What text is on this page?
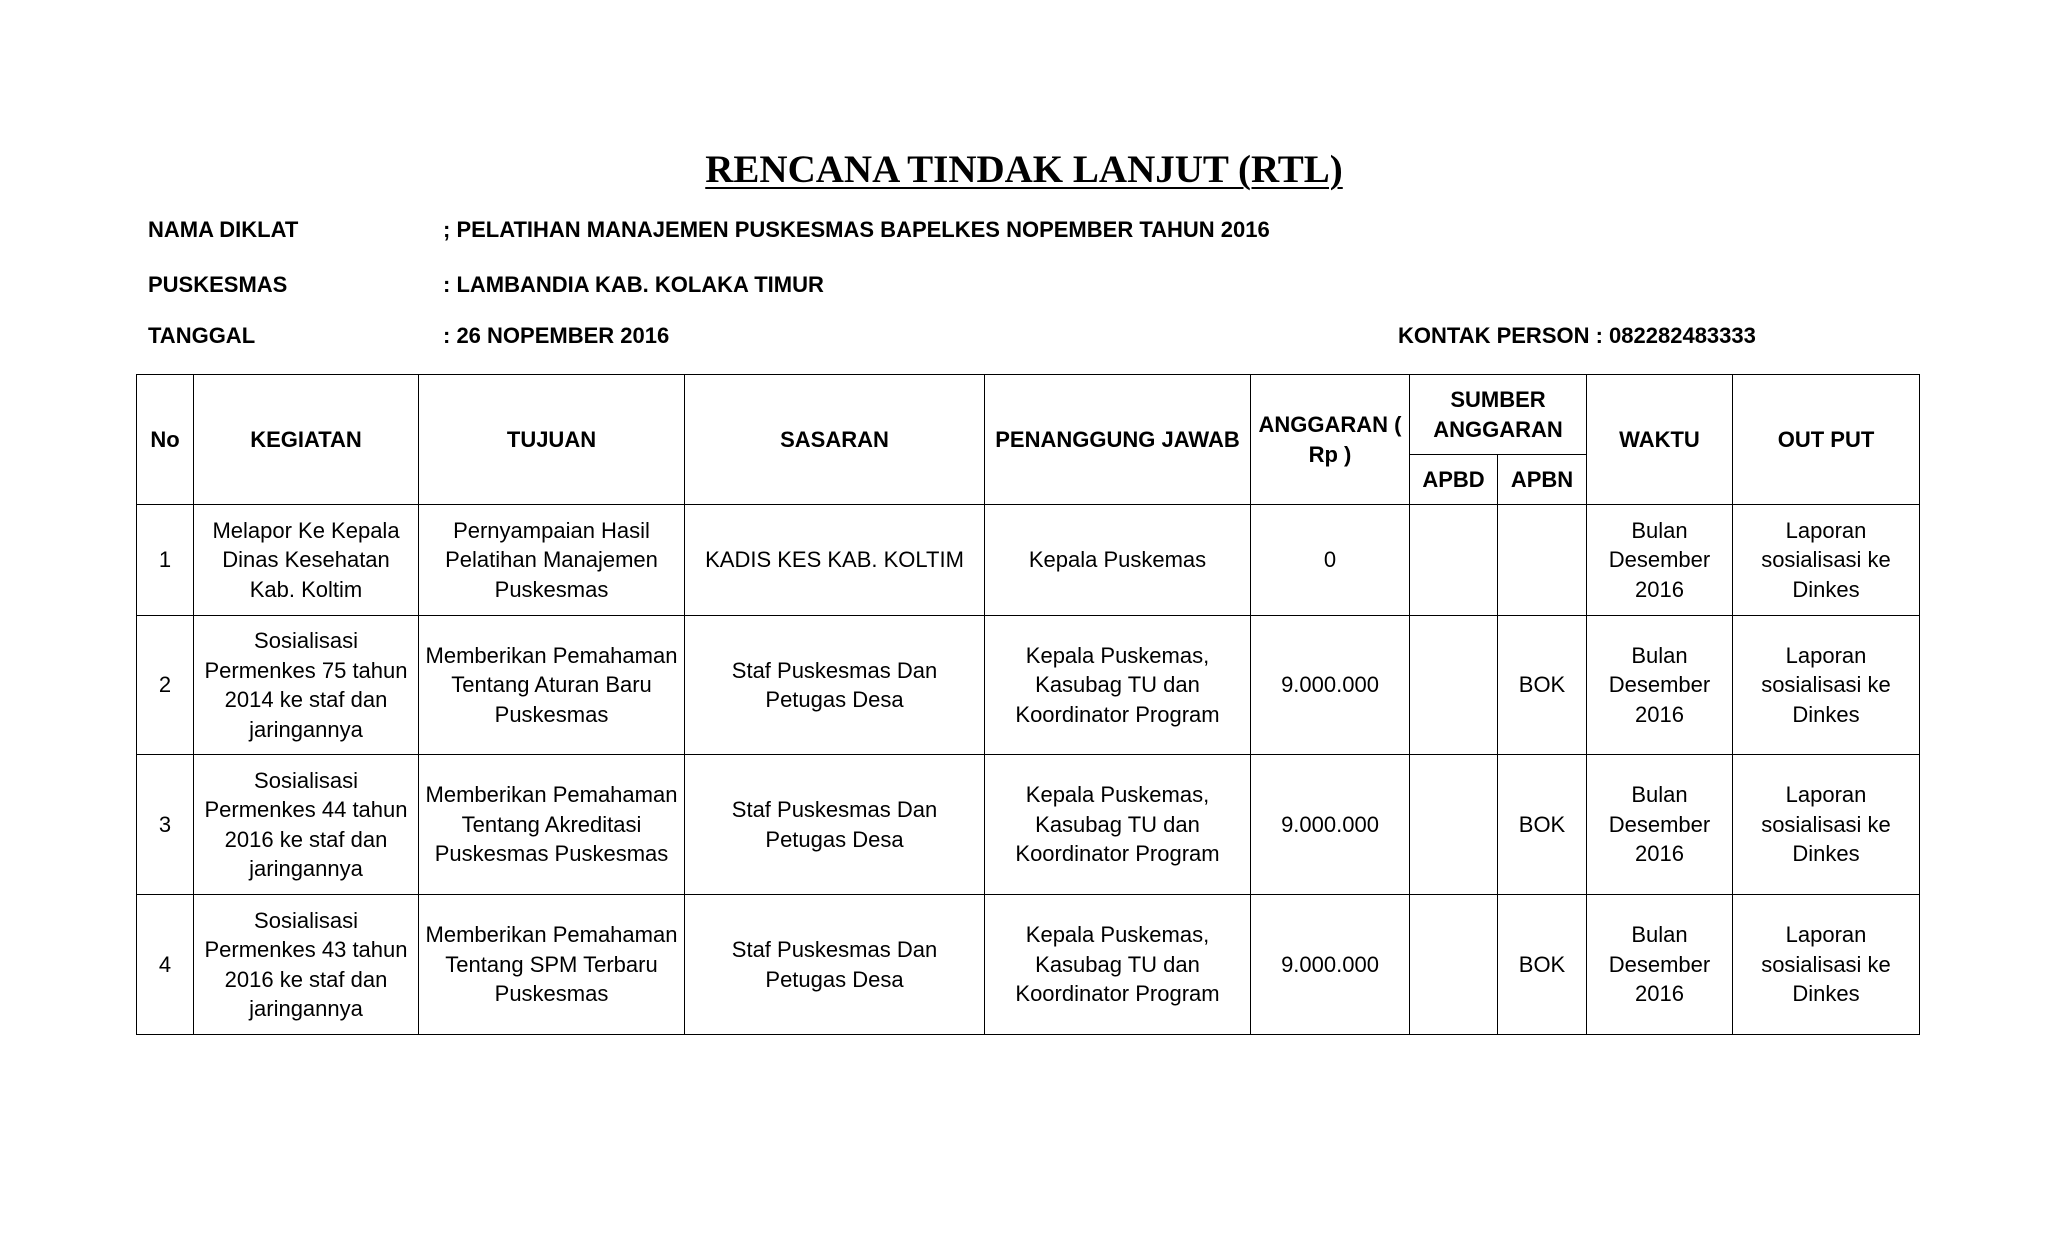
RENCANA TINDAK LANJUT (RTL)
NAMA DIKLAT	; PELATIHAN MANAJEMEN PUSKESMAS BAPELKES NOPEMBER TAHUN 2016
PUSKESMAS	: LAMBANDIA KAB. KOLAKA TIMUR
TANGGAL	: 26 NOPEMBER 2016	KONTAK PERSON : 082282483333
No	KEGIATAN	TUJUAN	SASARAN	PENANGGUNG JAWAB	ANGGARAN ( Rp )	SUMBER ANGGARAN		WAKTU	OUT PUT
						APBD	APBN		
1	Melapor Ke Kepala Dinas Kesehatan Kab. Koltim	Pernyampaian Hasil Pelatihan Manajemen Puskesmas	KADIS KES KAB. KOLTIM	Kepala Puskemas	0			Bulan Desember 2016	Laporan sosialisasi ke Dinkes
2	Sosialisasi Permenkes 75 tahun 2014 ke staf dan jaringannya	Memberikan Pemahaman Tentang Aturan Baru Puskesmas	Staf Puskesmas Dan Petugas Desa	Kepala Puskemas, Kasubag TU dan Koordinator Program	9.000.000		BOK	Bulan Desember 2016	Laporan sosialisasi ke Dinkes
3	Sosialisasi Permenkes 44 tahun 2016 ke staf dan jaringannya	Memberikan Pemahaman Tentang Akreditasi Puskesmas Puskesmas	Staf Puskesmas Dan Petugas Desa	Kepala Puskemas, Kasubag TU dan Koordinator Program	9.000.000		BOK	Bulan Desember 2016	Laporan sosialisasi ke Dinkes
4	Sosialisasi Permenkes 43 tahun 2016 ke staf dan jaringannya	Memberikan Pemahaman Tentang SPM Terbaru Puskesmas	Staf Puskesmas Dan Petugas Desa	Kepala Puskemas, Kasubag TU dan Koordinator Program	9.000.000		BOK	Bulan Desember 2016	Laporan sosialisasi ke Dinkes
